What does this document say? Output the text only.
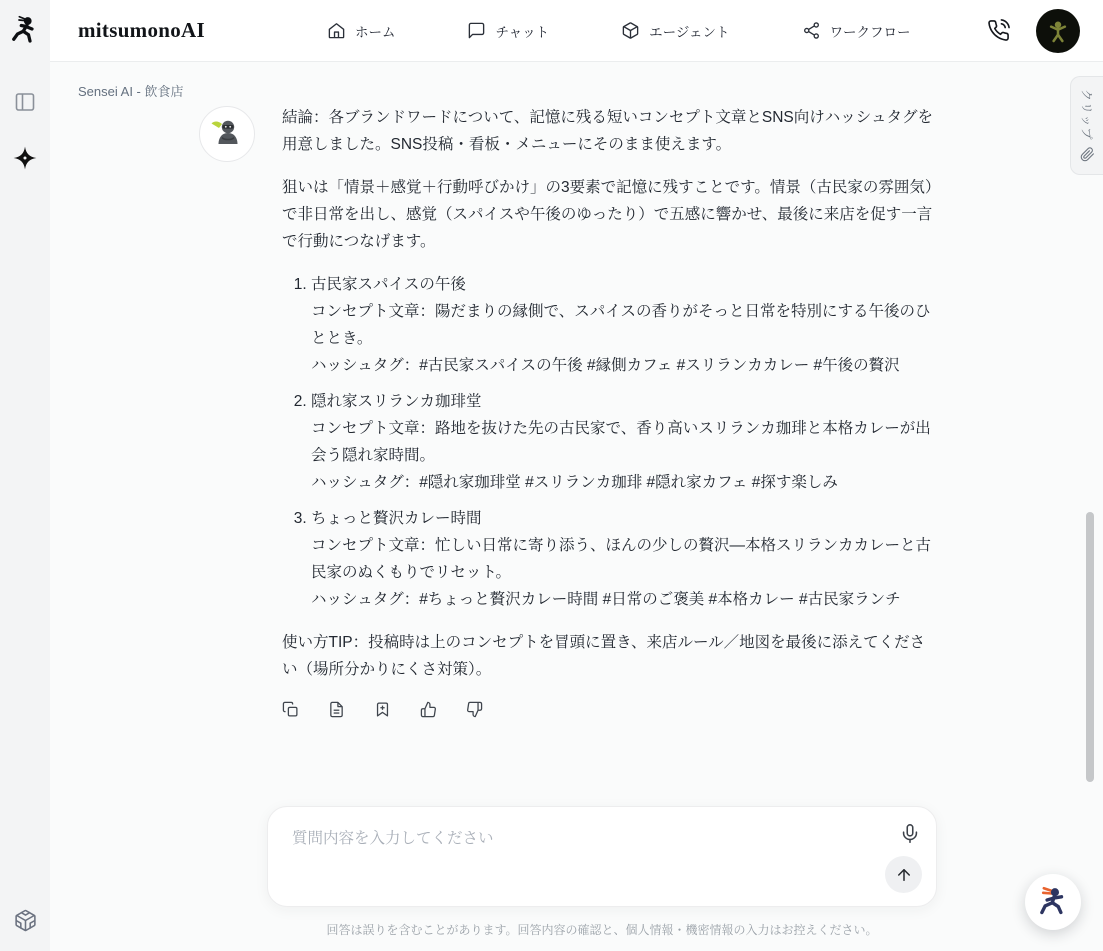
mitsumonoAI	ホーム	チャット	エージェント	ワークフロー
Sensei AI - 飲食店

結論：各ブランドワードについて、記憶に残る短いコンセプト文章とSNS向けハッシュタグを用意しました。SNS投稿・看板・メニューにそのまま使えます。

狙いは「情景＋感覚＋行動呼びかけ」の3要素で記憶に残すことです。情景（古民家の雰囲気）で非日常を出し、感覚（スパイスや午後のゆったり）で五感に響かせ、最後に来店を促す一言で行動につなげます。

1. 古民家スパイスの午後
コンセプト文章：陽だまりの縁側で、スパイスの香りがそっと日常を特別にする午後のひととき。
ハッシュタグ：#古民家スパイスの午後 #縁側カフェ #スリランカカレー #午後の贅沢
2. 隠れ家スリランカ珈琲堂
コンセプト文章：路地を抜けた先の古民家で、香り高いスリランカ珈琲と本格カレーが出会う隠れ家時間。
ハッシュタグ：#隠れ家珈琲堂 #スリランカ珈琲 #隠れ家カフェ #探す楽しみ
3. ちょっと贅沢カレー時間
コンセプト文章：忙しい日常に寄り添う、ほんの少しの贅沢—本格スリランカカレーと古民家のぬくもりでリセット。
ハッシュタグ：#ちょっと贅沢カレー時間 #日常のご褒美 #本格カレー #古民家ランチ

使い方TIP：投稿時は上のコンセプトを冒頭に置き、来店ルール／地図を最後に添えてください（場所分かりにくさ対策）。

クリップ
質問内容を入力してください
回答は誤りを含むことがあります。回答内容の確認と、個人情報・機密情報の入力はお控えください。
